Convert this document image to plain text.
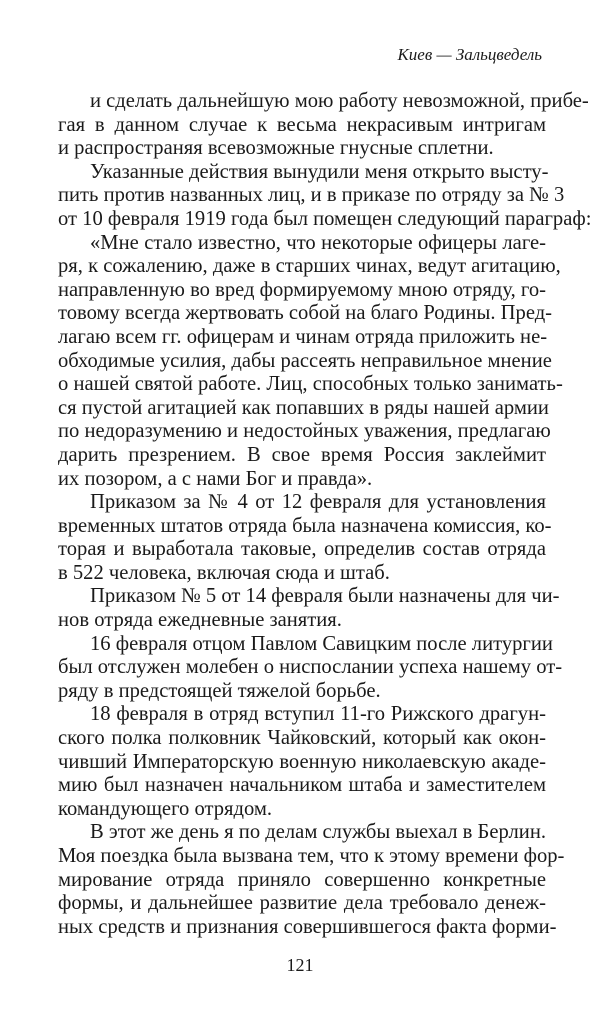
Киев — Зальцведель

и сделать дальнейшую мою работу невозможной, прибе-
гая в данном случае к весьма некрасивым интригам
и распространяя всевозможные гнусные сплетни.

Указанные действия вынудили меня открыто высту-
пить против названных лиц, и в приказе по отряду за № 3
от 10 февраля 1919 года был помещен следующий параграф:

«Мне стало известно, что некоторые офицеры лаге-
ря, к сожалению, даже в старших чинах, ведут агитацию,
направленную во вред формируемому мною отряду, го-
товому всегда жертвовать собой на благо Родины. Пред-
лагаю всем гг. офицерам и чинам отряда приложить не-
обходимые усилия, дабы рассеять неправильное мнение
о нашей святой работе. Лиц, способных только занимать-
ся пустой агитацией как попавших в ряды нашей армии
по недоразумению и недостойных уважения, предлагаю
дарить презрением. В свое время Россия заклеймит
их позором, а с нами Бог и правда».

Приказом за № 4 от 12 февраля для установления
временных штатов отряда была назначена комиссия, ко-
торая и выработала таковые, определив состав отряда
в 522 человека, включая сюда и штаб.

Приказом № 5 от 14 февраля были назначены для чи-
нов отряда ежедневные занятия.

16 февраля отцом Павлом Савицким после литургии
был отслужен молебен о ниспослании успеха нашему от-
ряду в предстоящей тяжелой борьбе.

18 февраля в отряд вступил 11-го Рижского драгун-
ского полка полковник Чайковский, который как окон-
чивший Императорскую военную николаевскую акаде-
мию был назначен начальником штаба и заместителем
командующего отрядом.

В этот же день я по делам службы выехал в Берлин.
Моя поездка была вызвана тем, что к этому времени фор-
мирование отряда приняло совершенно конкретные
формы, и дальнейшее развитие дела требовало денеж-
ных средств и признания совершившегося факта форми-

121
